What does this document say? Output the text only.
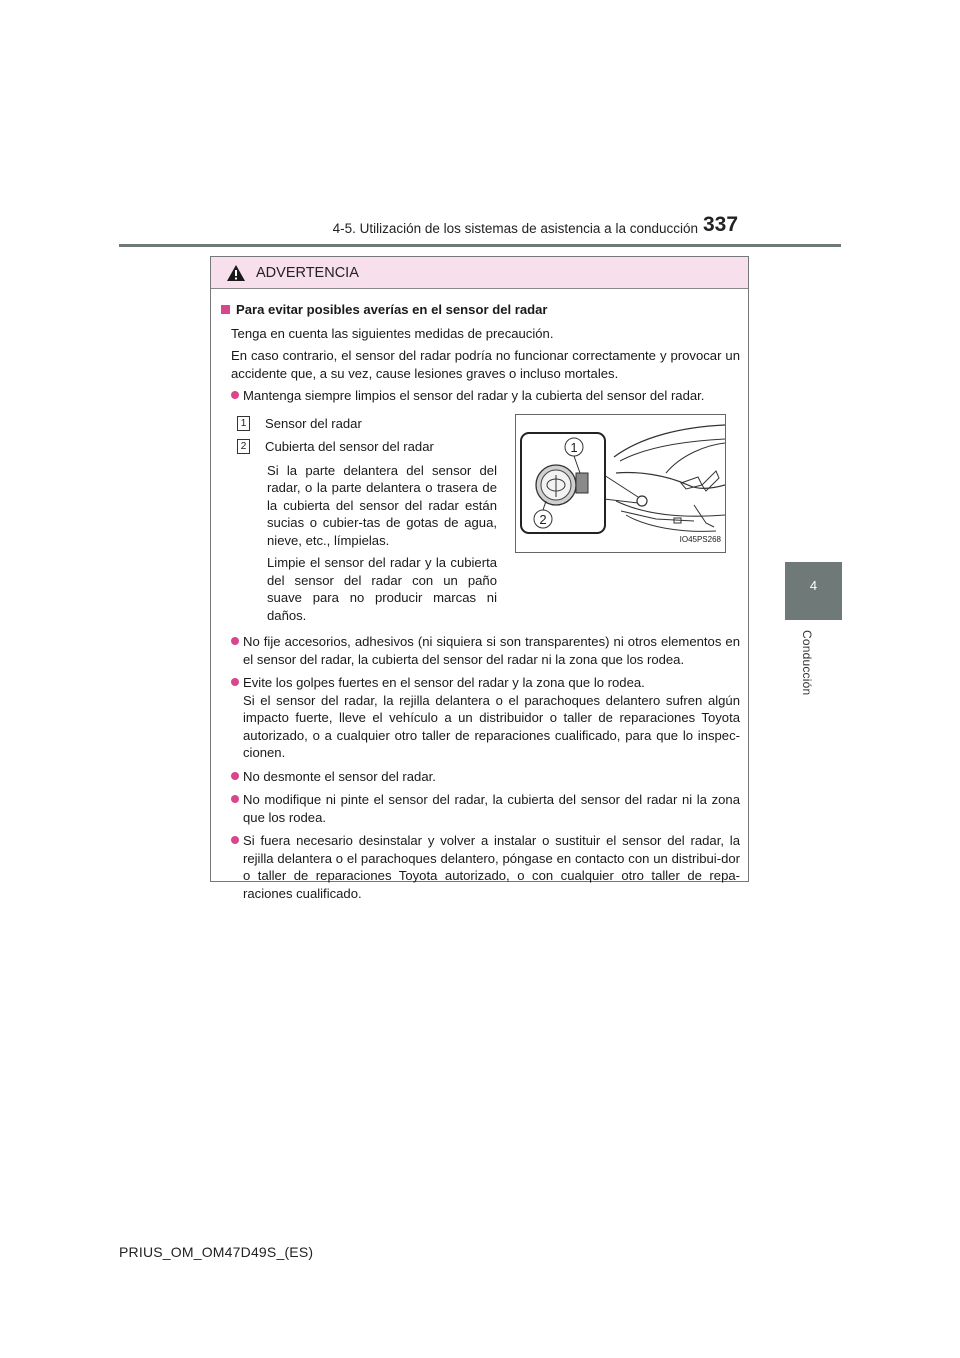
4-5. Utilización de los sistemas de asistencia a la conducción 337
4
Conducción
ADVERTENCIA
Para evitar posibles averías en el sensor del radar
Tenga en cuenta las siguientes medidas de precaución.
En caso contrario, el sensor del radar podría no funcionar correctamente y provocar un accidente que, a su vez, cause lesiones graves o incluso mortales.
Mantenga siempre limpios el sensor del radar y la cubierta del sensor del radar.
1 Sensor del radar
2 Cubierta del sensor del radar
Si la parte delantera del sensor del radar, o la parte delantera o trasera de la cubierta del sensor del radar están sucias o cubier-tas de gotas de agua, nieve, etc., límpielas.
Limpie el sensor del radar y la cubierta del sensor del radar con un paño suave para no producir marcas ni daños.
1
2
IO45PS268
No fije accesorios, adhesivos (ni siquiera si son transparentes) ni otros elementos en el sensor del radar, la cubierta del sensor del radar ni la zona que los rodea.
Evite los golpes fuertes en el sensor del radar y la zona que lo rodea.
Si el sensor del radar, la rejilla delantera o el parachoques delantero sufren algún impacto fuerte, lleve el vehículo a un distribuidor o taller de reparaciones Toyota autorizado, o a cualquier otro taller de reparaciones cualificado, para que lo inspec-cionen.
No desmonte el sensor del radar.
No modifique ni pinte el sensor del radar, la cubierta del sensor del radar ni la zona que los rodea.
Si fuera necesario desinstalar y volver a instalar o sustituir el sensor del radar, la rejilla delantera o el parachoques delantero, póngase en contacto con un distribui-dor o taller de reparaciones Toyota autorizado, o con cualquier otro taller de repa-raciones cualificado.
PRIUS_OM_OM47D49S_(ES)
